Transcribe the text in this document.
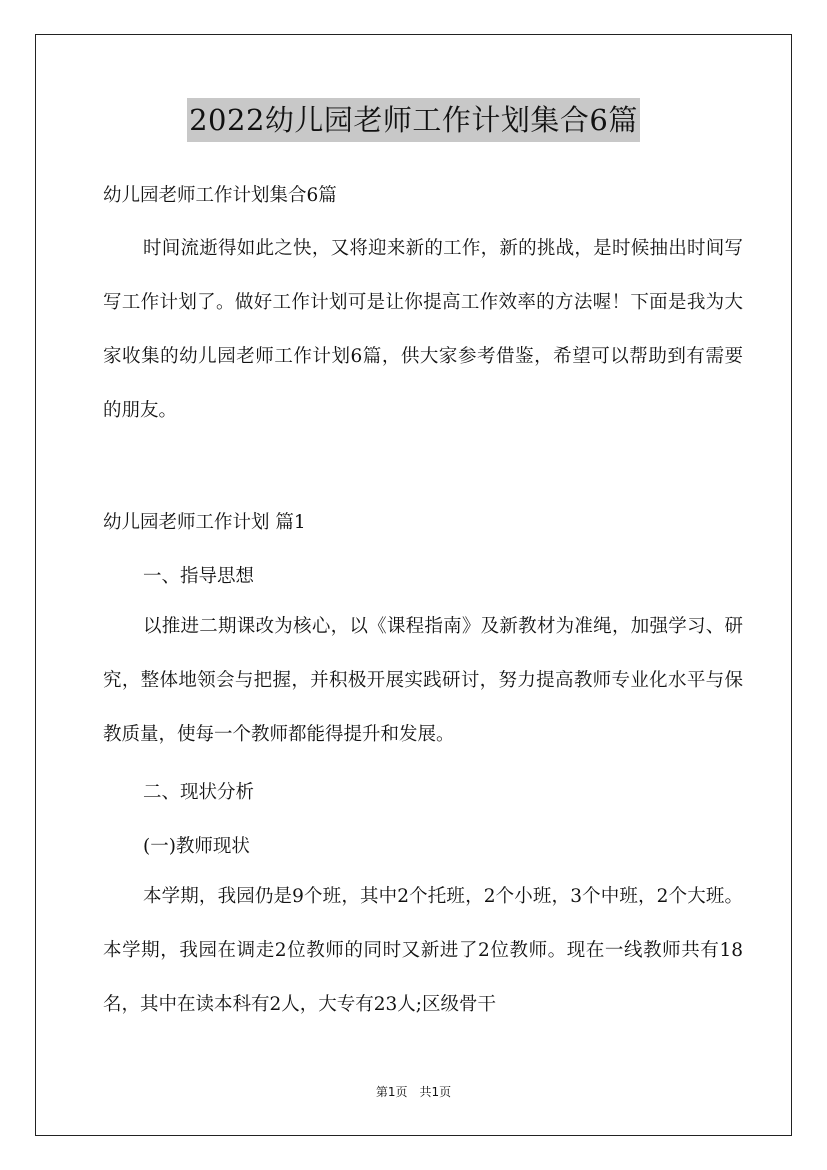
2022幼儿园老师工作计划集合6篇

幼儿园老师工作计划集合6篇

时间流逝得如此之快，又将迎来新的工作，新的挑战，是时候抽出时间写写工作计划了。做好工作计划可是让你提高工作效率的方法喔！下面是我为大家收集的幼儿园老师工作计划6篇，供大家参考借鉴，希望可以帮助到有需要的朋友。

幼儿园老师工作计划 篇1

一、指导思想

以推进二期课改为核心，以《课程指南》及新教材为准绳，加强学习、研究，整体地领会与把握，并积极开展实践研讨，努力提高教师专业化水平与保教质量，使每一个教师都能得提升和发展。

二、现状分析

(一)教师现状

本学期，我园仍是9个班，其中2个托班，2个小班，3个中班，2个大班。本学期，我园在调走2位教师的同时又新进了2位教师。现在一线教师共有18名，其中在读本科有2人，大专有23人;区级骨干

第1页　共1页
